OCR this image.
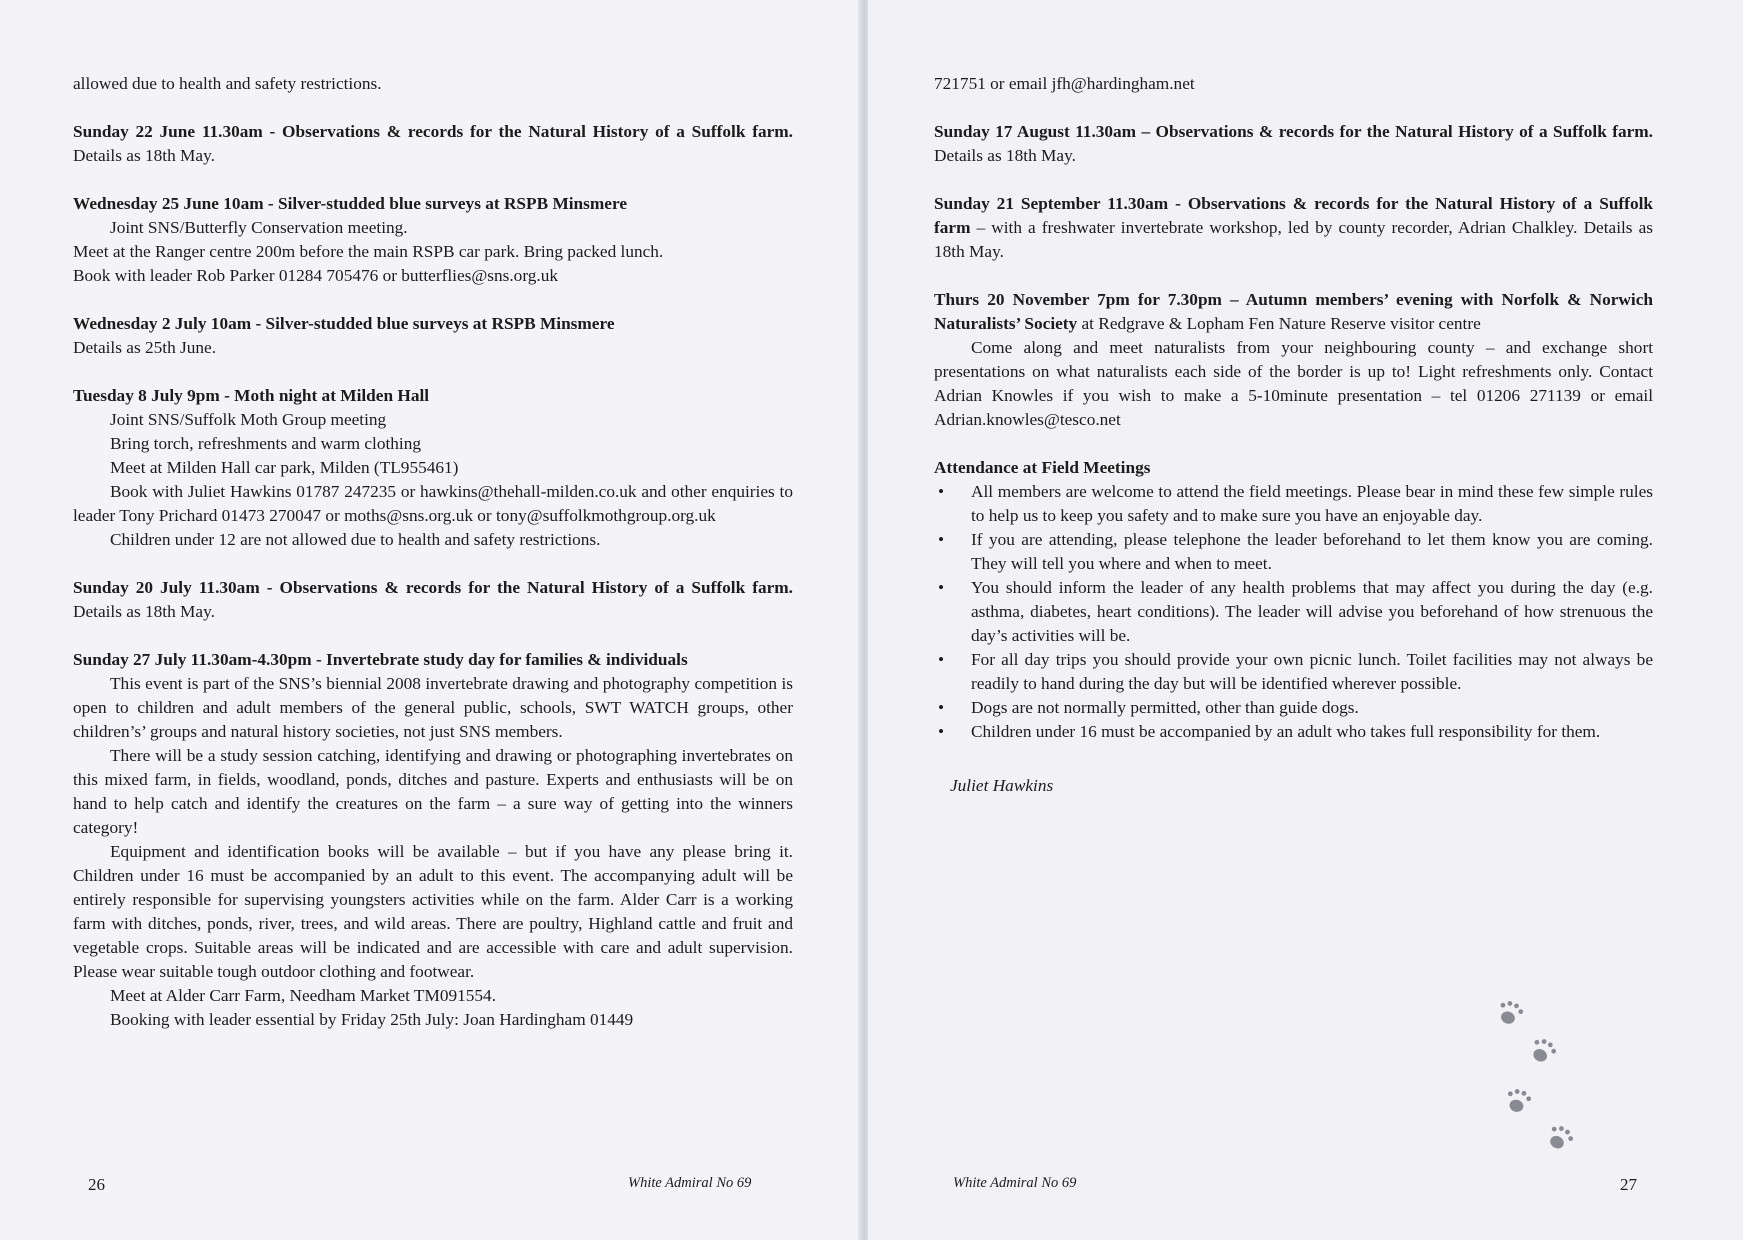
allowed due to health and safety restrictions.

Sunday 22 June 11.30am - Observations & records for the Natural History of a Suffolk farm. Details as 18th May.

Wednesday 25 June 10am - Silver-studded blue surveys at RSPB Minsmere

Joint SNS/Butterfly Conservation meeting.

Meet at the Ranger centre 200m before the main RSPB car park. Bring packed lunch.

Book with leader Rob Parker 01284 705476 or butterflies@sns.org.uk

Wednesday 2 July 10am - Silver-studded blue surveys at RSPB Minsmere

Details as 25th June.

Tuesday 8 July 9pm - Moth night at Milden Hall

Joint SNS/Suffolk Moth Group meeting

Bring torch, refreshments and warm clothing

Meet at Milden Hall car park, Milden (TL955461)

Book with Juliet Hawkins 01787 247235 or hawkins@thehall-milden.co.uk and other enquiries to leader Tony Prichard 01473 270047 or moths@sns.org.uk or tony@suffolkmothgroup.org.uk

Children under 12 are not allowed due to health and safety restrictions.

Sunday 20 July 11.30am - Observations & records for the Natural History of a Suffolk farm. Details as 18th May.

Sunday 27 July 11.30am-4.30pm - Invertebrate study day for families & individuals

This event is part of the SNS’s biennial 2008 invertebrate drawing and photography competition is open to children and adult members of the general public, schools, SWT WATCH groups, other children’s’ groups and natural history societies, not just SNS members.

There will be a study session catching, identifying and drawing or photographing invertebrates on this mixed farm, in fields, woodland, ponds, ditches and pasture. Experts and enthusiasts will be on hand to help catch and identify the creatures on the farm – a sure way of getting into the winners category!

Equipment and identification books will be available – but if you have any please bring it. Children under 16 must be accompanied by an adult to this event. The accompanying adult will be entirely responsible for supervising youngsters activities while on the farm. Alder Carr is a working farm with ditches, ponds, river, trees, and wild areas. There are poultry, Highland cattle and fruit and vegetable crops. Suitable areas will be indicated and are accessible with care and adult supervision. Please wear suitable tough outdoor clothing and footwear.

Meet at Alder Carr Farm, Needham Market TM091554.

Booking with leader essential by Friday 25th July: Joan Hardingham 01449

26	White Admiral No 69

721751 or email jfh@hardingham.net

Sunday 17 August 11.30am – Observations & records for the Natural History of a Suffolk farm. Details as 18th May.

Sunday 21 September 11.30am - Observations & records for the Natural History of a Suffolk farm – with a freshwater invertebrate workshop, led by county recorder, Adrian Chalkley. Details as 18th May.

Thurs 20 November 7pm for 7.30pm – Autumn members’ evening with Norfolk & Norwich Naturalists’ Society at Redgrave & Lopham Fen Nature Reserve visitor centre

Come along and meet naturalists from your neighbouring county – and exchange short presentations on what naturalists each side of the border is up to! Light refreshments only. Contact Adrian Knowles if you wish to make a 5-10minute presentation – tel 01206 271139 or email Adrian.knowles@tesco.net

Attendance at Field Meetings

• All members are welcome to attend the field meetings. Please bear in mind these few simple rules to help us to keep you safety and to make sure you have an enjoyable day.
• If you are attending, please telephone the leader beforehand to let them know you are coming. They will tell you where and when to meet.
• You should inform the leader of any health problems that may affect you during the day (e.g. asthma, diabetes, heart conditions). The leader will advise you beforehand of how strenuous the day’s activities will be.
• For all day trips you should provide your own picnic lunch. Toilet facilities may not always be readily to hand during the day but will be identified wherever possible.
• Dogs are not normally permitted, other than guide dogs.
• Children under 16 must be accompanied by an adult who takes full responsibility for them.

Juliet Hawkins

White Admiral No 69	27
